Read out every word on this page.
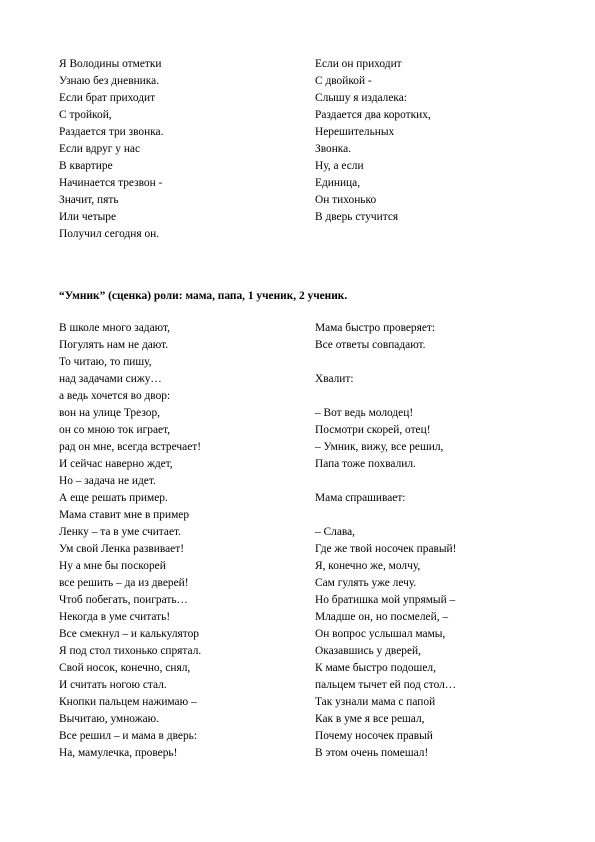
Я Володины отметки

Узнаю без дневника.

Если брат приходит

С тройкой,

Раздается три звонка.

Если вдруг у нас

В квартире

Начинается трезвон -

Значит, пять

Или четыре

Получил сегодня он.

Если он приходит

С двойкой -

Слышу я издалека:

Раздается два коротких,

Нерешительных

Звонка.

Ну, а если

Единица,

Он тихонько

В дверь стучится

“Умник” (сценка) роли: мама, папа, 1 ученик, 2 ученик.

В школе много задают,

Погулять нам не дают.

То читаю, то пишу,

над задачами сижу…

а ведь хочется во двор:

вон на улице Трезор,

он со мною ток играет,

рад он мне, всегда встречает!

И сейчас наверно ждет,

Но – задача не идет.

А еще решать пример.

Мама ставит мне в пример

Ленку – та в уме считает.

Ум свой Ленка развивает!

Ну а мне бы поскорей

все решить – да из дверей!

Чтоб побегать, поиграть…

Некогда в уме считать!

Все смекнул – и калькулятор

Я под стол тихонько спрятал.

Свой носок, конечно, снял,

И считать ногою стал.

Кнопки пальцем нажимаю –

Вычитаю, умножаю.

Все решил – и мама в дверь:

На, мамулечка, проверь!

Мама быстро проверяет:

Все ответы совпадают.

Хвалит:

– Вот ведь молодец!

Посмотри скорей, отец!

– Умник, вижу, все решил,

Папа тоже похвалил.

Мама спрашивает:

– Слава,

Где же твой носочек правый!

Я, конечно же, молчу,

Сам гулять уже лечу.

Но братишка мой упрямый –

Младше он, но посмелей, –

Он вопрос услышал мамы,

Оказавшись у дверей,

К маме быстро подошел,

пальцем тычет ей под стол…

Так узнали мама с папой

Как в уме я все решал,

Почему носочек правый

В этом очень помешал!
